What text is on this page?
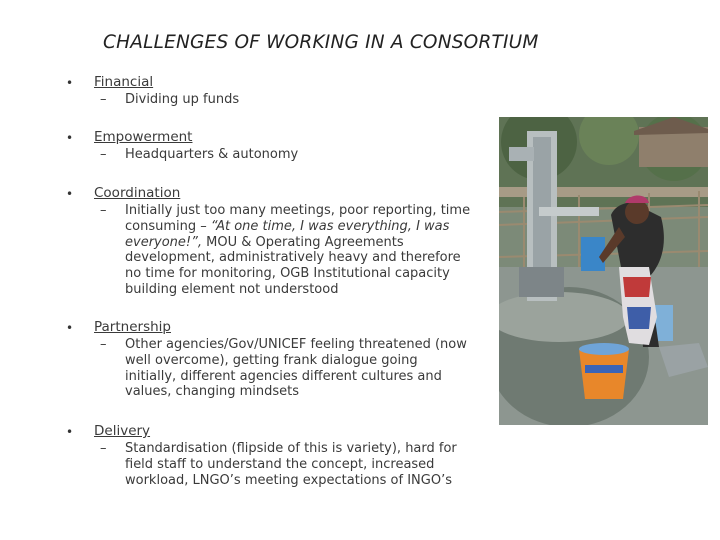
CHALLENGES OF WORKING IN A CONSORTIUM
• Financial
–	Dividing up funds
• Empowerment
–	Headquarters & autonomy
• Coordination
–	Initially just too many meetings, poor reporting, time consuming – “At one time, I was everything, I was everyone!”, MOU & Operating Agreements development, administratively heavy and therefore no time for monitoring, OGB Institutional capacity building element not understood
• Partnership
–	Other agencies/Gov/UNICEF feeling threatened (now well overcome), getting frank dialogue going initially, different agencies different cultures and values, changing mindsets
• Delivery
–	Standardisation (flipside of this is variety), hard for field staff to understand the concept, increased workload, LNGO’s meeting expectations of INGO’s
